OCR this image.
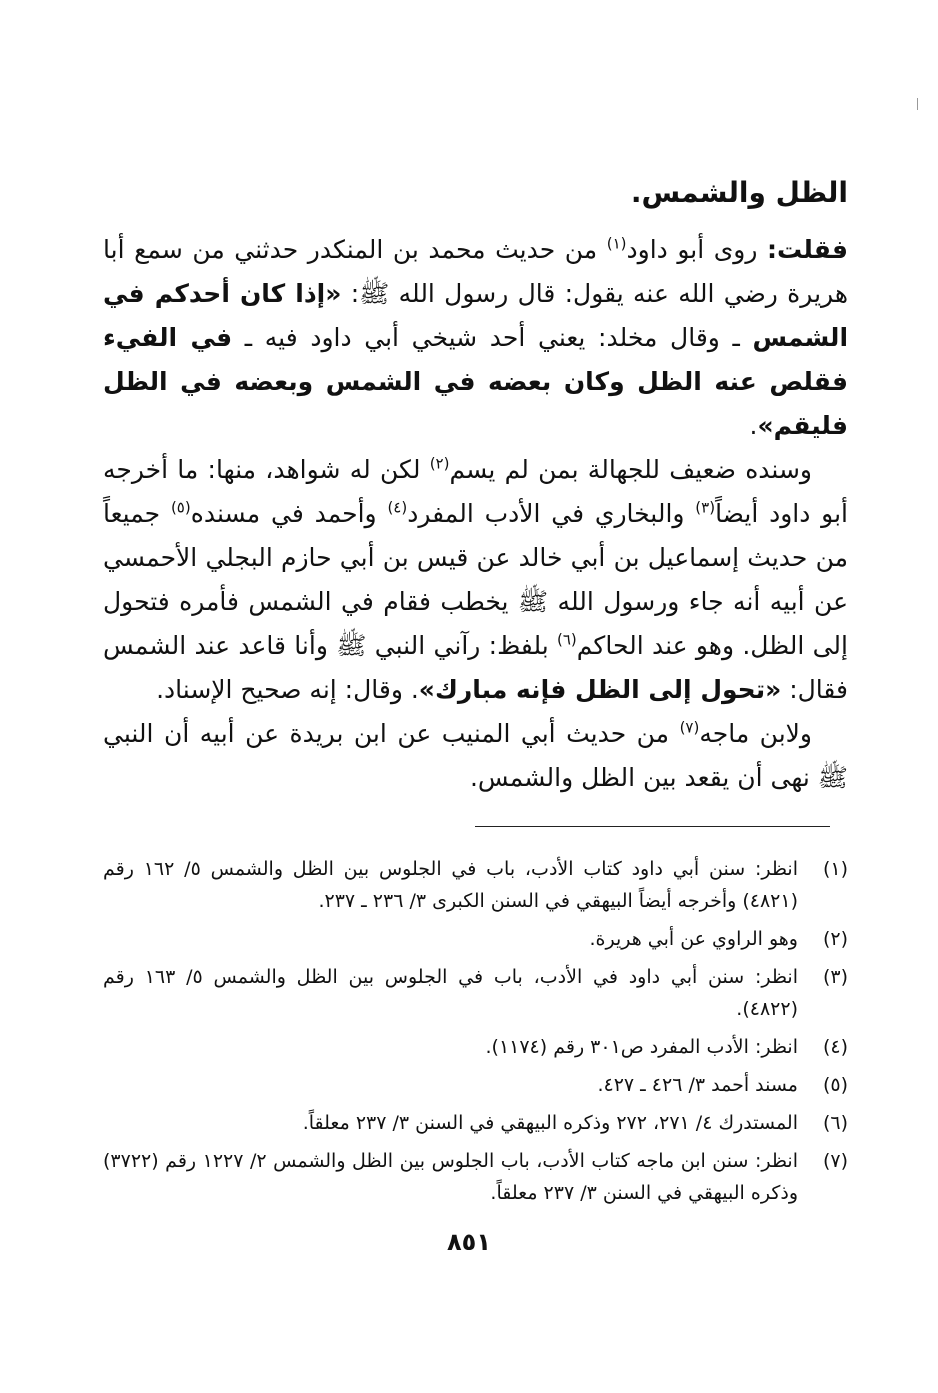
الظل والشمس.

فقلت: روى أبو داود$^{(١)}$ من حديث محمد بن المنكدر حدثني من سمع أبا هريرة رضي الله عنه يقول: قال رسول الله ﷺ: «إذا كان أحدكم في الشمس ـ وقال مخلد: يعني أحد شيخي أبي داود فيه ـ في الفيء فقلص عنه الظل وكان بعضه في الشمس وبعضه في الظل فليقم».

وسنده ضعيف للجهالة بمن لم يسم$^{(٢)}$ لكن له شواهد، منها: ما أخرجه أبو داود أيضاً$^{(٣)}$ والبخاري في الأدب المفرد$^{(٤)}$ وأحمد في مسنده$^{(٥)}$ جميعاً من حديث إسماعيل بن أبي خالد عن قيس بن أبي حازم البجلي الأحمسي عن أبيه أنه جاء ورسول الله ﷺ يخطب فقام في الشمس فأمره فتحول إلى الظل. وهو عند الحاكم$^{(٦)}$ بلفظ: رآني النبي ﷺ وأنا قاعد عند الشمس فقال: «تحول إلى الظل فإنه مبارك». وقال: إنه صحيح الإسناد.

ولابن ماجه$^{(٧)}$ من حديث أبي المنيب عن ابن بريدة عن أبيه أن النبي ﷺ نهى أن يقعد بين الظل والشمس.

(١)
انظر: سنن أبي داود كتاب الأدب، باب في الجلوس بين الظل والشمس ٥/ ١٦٢ رقم (٤٨٢١) وأخرجه أيضاً البيهقي في السنن الكبرى ٣/ ٢٣٦ ـ ٢٣٧.
(٢)
وهو الراوي عن أبي هريرة.
(٣)
انظر: سنن أبي داود في الأدب، باب في الجلوس بين الظل والشمس ٥/ ١٦٣ رقم (٤٨٢٢).
(٤)
انظر: الأدب المفرد ص٣٠١ رقم (١١٧٤).
(٥)
مسند أحمد ٣/ ٤٢٦ ـ ٤٢٧.
(٦)
المستدرك ٤/ ٢٧١، ٢٧٢ وذكره البيهقي في السنن ٣/ ٢٣٧ معلقاً.
(٧)
انظر: سنن ابن ماجه كتاب الأدب، باب الجلوس بين الظل والشمس ٢/ ١٢٢٧ رقم (٣٧٢٢) وذكره البيهقي في السنن ٣/ ٢٣٧ معلقاً.
٨٥١
